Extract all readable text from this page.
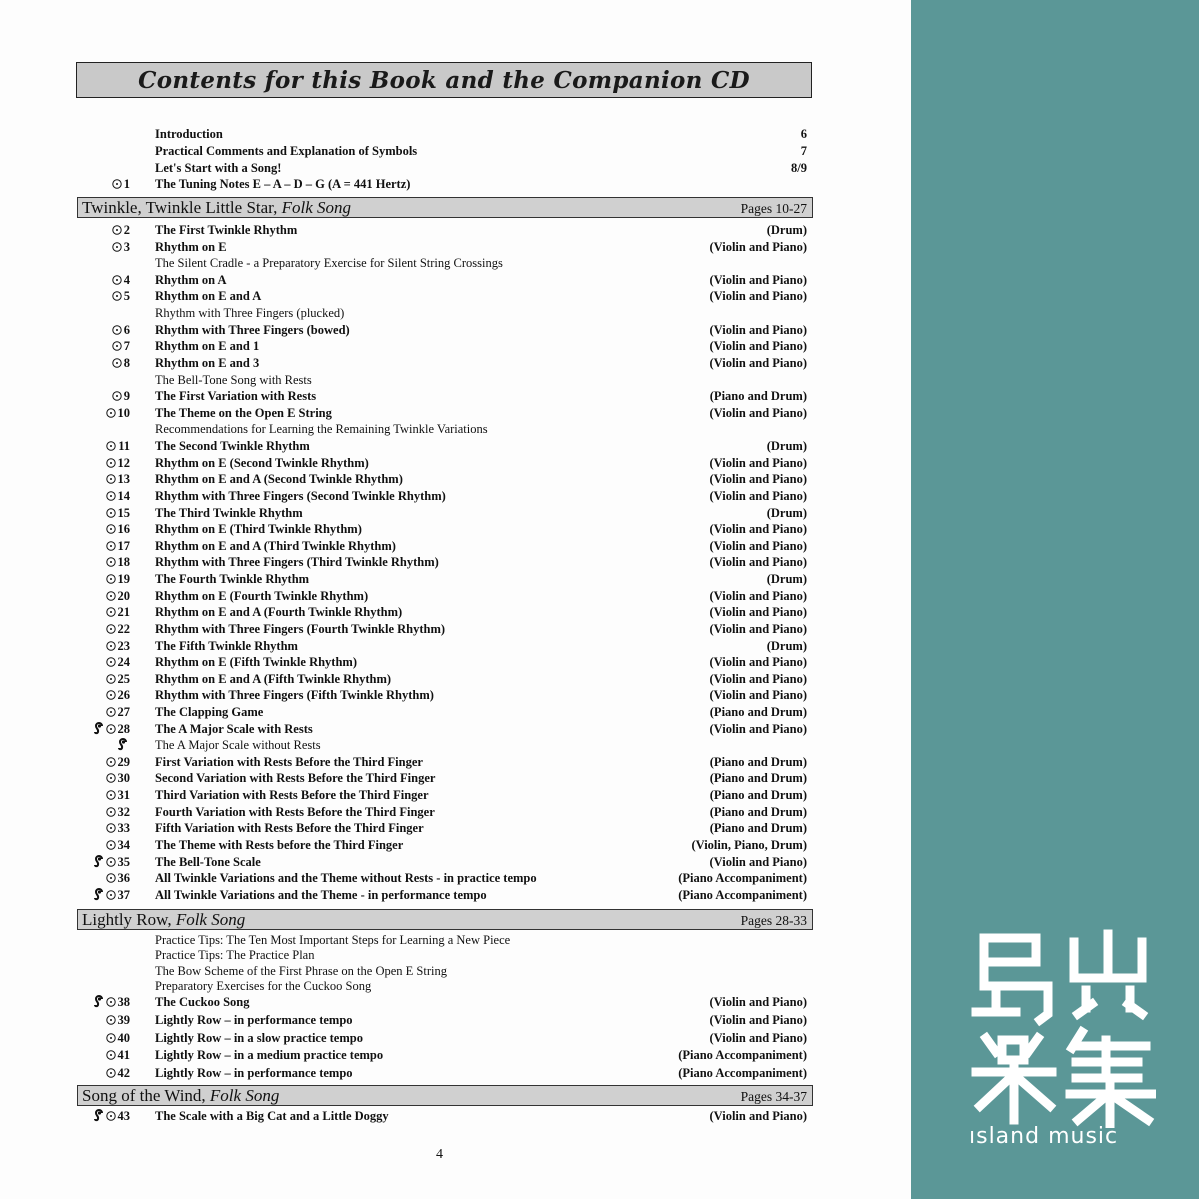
Contents for this Book and the Companion CD
Introduction	6
Practical Comments and Explanation of Symbols	7
Let's Start with a Song!	8/9
1 The Tuning Notes E – A – D – G (A = 441 Hertz)
Twinkle, Twinkle Little Star, Folk Song	Pages 10-27
2 The First Twinkle Rhythm	(Drum)
3 Rhythm on E	(Violin and Piano)
The Silent Cradle - a Preparatory Exercise for Silent String Crossings
4 Rhythm on A	(Violin and Piano)
5 Rhythm on E and A	(Violin and Piano)
Rhythm with Three Fingers (plucked)
6 Rhythm with Three Fingers (bowed)	(Violin and Piano)
7 Rhythm on E and 1	(Violin and Piano)
8 Rhythm on E and 3	(Violin and Piano)
The Bell-Tone Song with Rests
9 The First Variation with Rests	(Piano and Drum)
10 The Theme on the Open E String	(Violin and Piano)
Recommendations for Learning the Remaining Twinkle Variations
11 The Second Twinkle Rhythm	(Drum)
12 Rhythm on E (Second Twinkle Rhythm)	(Violin and Piano)
13 Rhythm on E and A (Second Twinkle Rhythm)	(Violin and Piano)
14 Rhythm with Three Fingers (Second Twinkle Rhythm)	(Violin and Piano)
15 The Third Twinkle Rhythm	(Drum)
16 Rhythm on E (Third Twinkle Rhythm)	(Violin and Piano)
17 Rhythm on E and A (Third Twinkle Rhythm)	(Violin and Piano)
18 Rhythm with Three Fingers (Third Twinkle Rhythm)	(Violin and Piano)
19 The Fourth Twinkle Rhythm	(Drum)
20 Rhythm on E (Fourth Twinkle Rhythm)	(Violin and Piano)
21 Rhythm on E and A (Fourth Twinkle Rhythm)	(Violin and Piano)
22 Rhythm with Three Fingers (Fourth Twinkle Rhythm)	(Violin and Piano)
23 The Fifth Twinkle Rhythm	(Drum)
24 Rhythm on E (Fifth Twinkle Rhythm)	(Violin and Piano)
25 Rhythm on E and A (Fifth Twinkle Rhythm)	(Violin and Piano)
26 Rhythm with Three Fingers (Fifth Twinkle Rhythm)	(Violin and Piano)
27 The Clapping Game	(Piano and Drum)
28 The A Major Scale with Rests	(Violin and Piano)
The A Major Scale without Rests
29 First Variation with Rests Before the Third Finger	(Piano and Drum)
30 Second Variation with Rests Before the Third Finger	(Piano and Drum)
31 Third Variation with Rests Before the Third Finger	(Piano and Drum)
32 Fourth Variation with Rests Before the Third Finger	(Piano and Drum)
33 Fifth Variation with Rests Before the Third Finger	(Piano and Drum)
34 The Theme with Rests before the Third Finger	(Violin, Piano, Drum)
35 The Bell-Tone Scale	(Violin and Piano)
36 All Twinkle Variations and the Theme without Rests - in practice tempo	(Piano Accompaniment)
37 All Twinkle Variations and the Theme - in performance tempo	(Piano Accompaniment)
Lightly Row, Folk Song	Pages 28-33
Practice Tips: The Ten Most Important Steps for Learning a New Piece
Practice Tips: The Practice Plan
The Bow Scheme of the First Phrase on the Open E String
Preparatory Exercises for the Cuckoo Song
38 The Cuckoo Song	(Violin and Piano)
39 Lightly Row – in performance tempo	(Violin and Piano)
40 Lightly Row – in a slow practice tempo	(Violin and Piano)
41 Lightly Row – in a medium practice tempo	(Piano Accompaniment)
42 Lightly Row – in performance tempo	(Piano Accompaniment)
Song of the Wind, Folk Song	Pages 34-37
43 The Scale with a Big Cat and a Little Doggy	(Violin and Piano)
4
ısland music
